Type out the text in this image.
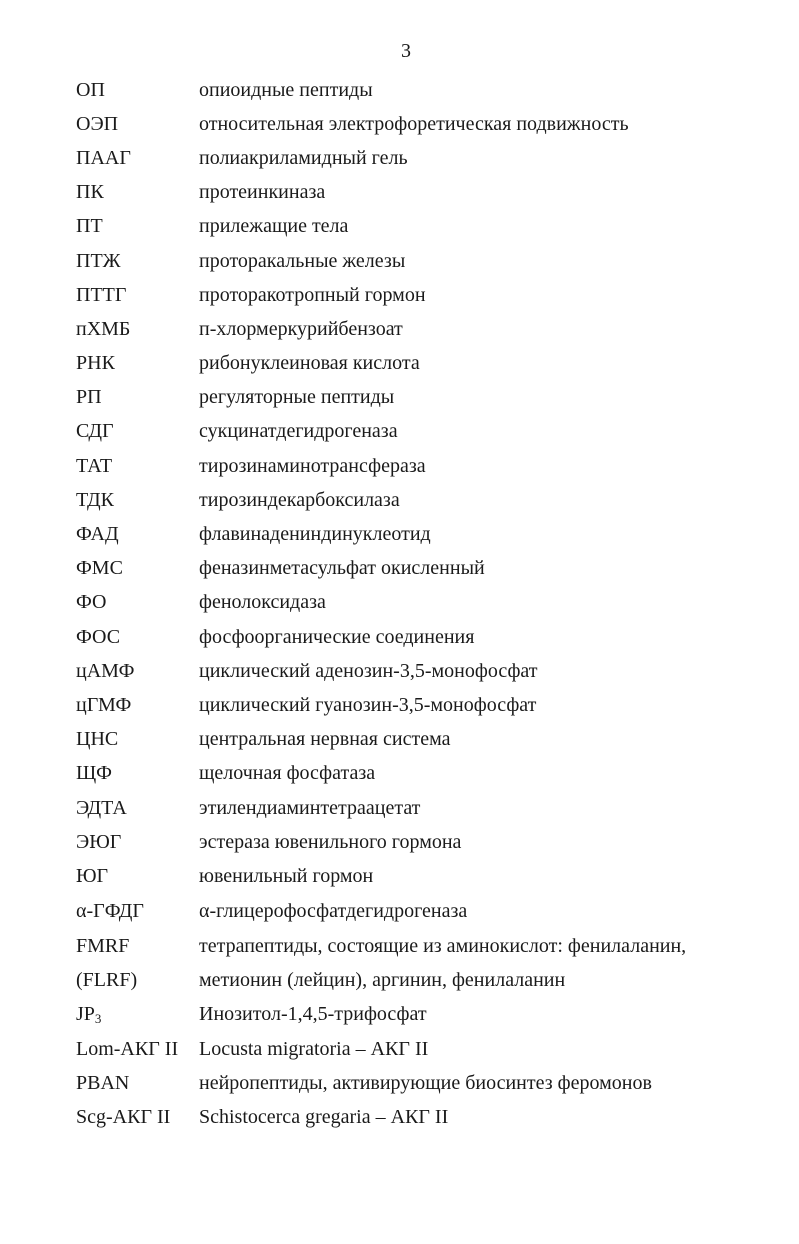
3
ОП	опиоидные пептиды
ОЭП	относительная электрофоретическая подвижность
ПААГ	полиакриламидный гель
ПК	протеинкиназа
ПТ	прилежащие тела
ПТЖ	проторакальные железы
ПТТГ	проторакотропный гормон
пХМБ	п-хлормеркурийбензоат
РНК	рибонуклеиновая кислота
РП	регуляторные пептиды
СДГ	сукцинатдегидрогеназа
ТАТ	тирозинаминотрансфераза
ТДК	тирозиндекарбоксилаза
ФАД	флавинадениндинуклеотид
ФМС	феназинметасульфат окисленный
ФО	фенолоксидаза
ФОС	фосфоорганические соединения
цАМФ	циклический аденозин-3,5-монофосфат
цГМФ	циклический гуанозин-3,5-монофосфат
ЦНС	центральная нервная система
ЩФ	щелочная фосфатаза
ЭДТА	этилендиаминтетраацетат
ЭЮГ	эстераза ювенильного гормона
ЮГ	ювенильный гормон
α-ГФДГ	α-глицерофосфатдегидрогеназа
FMRF	тетрапептиды, состоящие из аминокислот: фенилаланин,
(FLRF)	метионин (лейцин), аргинин, фенилаланин
$JP_3$	Инозитол-1,4,5-трифосфат
Lom-АКГ II	Locusta migratoria – АКГ II
PBAN	нейропептиды, активирующие биосинтез феромонов
Scg-АКГ II	Schistocerca gregaria – АКГ II
